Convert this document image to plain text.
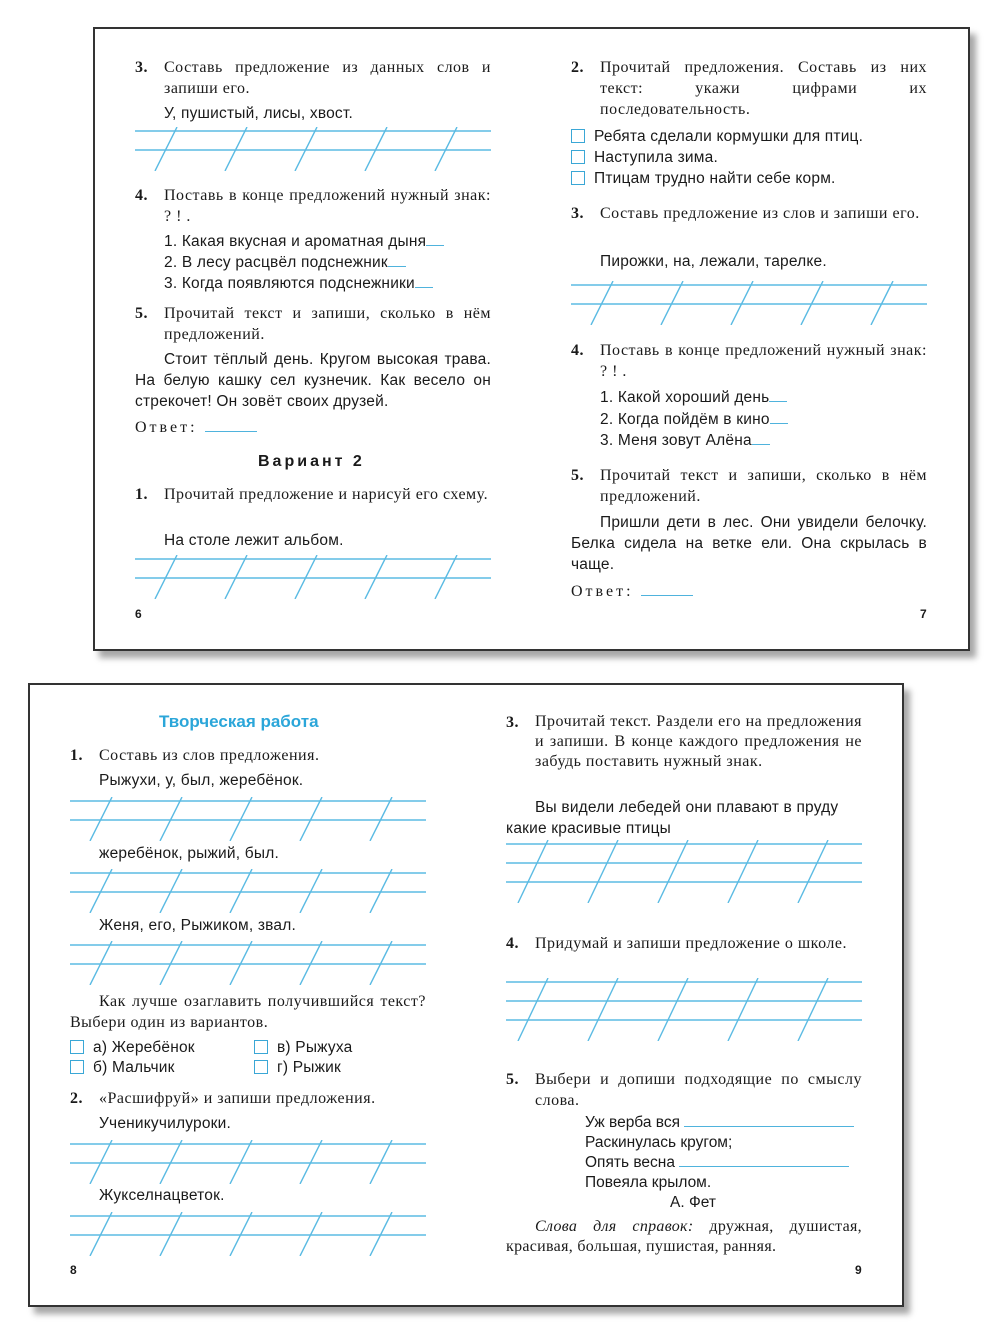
3. Составь предложение из данных слов и запиши его.
У, пушистый, лисы, хвост.
4. Поставь в конце предложений нужный знак: ? ! .
1. Какая вкусная и ароматная дыня
2. В лесу расцвёл подснежник
3. Когда появляются подснежники
5. Прочитай текст и запиши, сколько в нём предложений.
Стоит тёплый день. Кругом высокая трава. На белую кашку сел кузнечик. Как весело он стрекочет! Он зовёт своих друзей.
Ответ:
Вариант 2
1. Прочитай предложение и нарисуй его схему.
На столе лежит альбом.
6
2. Прочитай предложения. Составь из них текст: укажи цифрами их последовательность.
Ребята сделали кормушки для птиц.
Наступила зима.
Птицам трудно найти себе корм.
3. Составь предложение из слов и запиши его.
Пирожки, на, лежали, тарелке.
4. Поставь в конце предложений нужный знак: ? ! .
1. Какой хороший день
2. Когда пойдём в кино
3. Меня зовут Алёна
5. Прочитай текст и запиши, сколько в нём предложений.
Пришли дети в лес. Они увидели белочку. Белка сидела на ветке ели. Она скрылась в чаще.
Ответ:
7
Творческая работа
1. Составь из слов предложения.
Рыжухи, у, был, жеребёнок.
жеребёнок, рыжий, был.
Женя, его, Рыжиком, звал.
Как лучше озаглавить получившийся текст? Выбери один из вариантов.
а) Жеребёнок
б) Мальчик
в) Рыжуха
г) Рыжик
2. «Расшифруй» и запиши предложения.
Ученикучилуроки.
Жукселнацветок.
8
3. Прочитай текст. Раздели его на предложения и запиши. В конце каждого предложения не забудь поставить нужный знак.
Вы видели лебедей они плавают в пруду какие красивые птицы
4. Придумай и запиши предложение о школе.
5. Выбери и допиши подходящие по смыслу слова.
Уж верба вся
Раскинулась кругом;
Опять весна
Повеяла крылом.
А. Фет
Слова для справок: дружная, душистая, красивая, большая, пушистая, ранняя.
9
